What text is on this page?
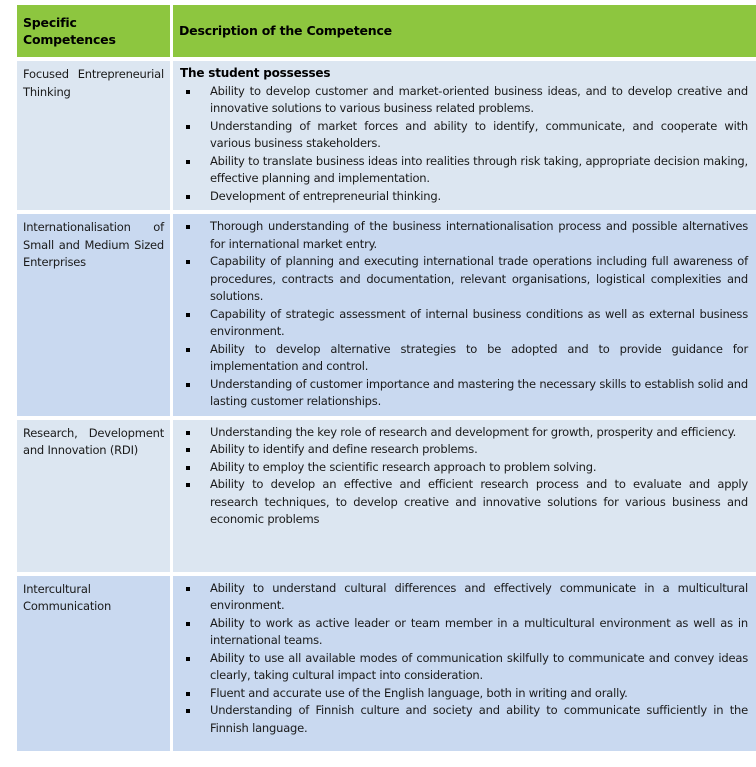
Specific Competences
Description of the Competence
Focused Entrepreneurial Thinking

The student possesses

Ability to develop customer and market-oriented business ideas, and to develop creative and innovative solutions to various business related problems.
Understanding of market forces and ability to identify, communicate, and cooperate with various business stakeholders.
Ability to translate business ideas into realities through risk taking, appropriate decision making, effective planning and implementation.
Development of entrepreneurial thinking.
Internationalisation of Small and Medium Sized Enterprises
Thorough understanding of the business internationalisation process and possible alternatives for international market entry.
Capability of planning and executing international trade operations including full awareness of procedures, contracts and documentation, relevant organisations, logistical complexities and solutions.
Capability of strategic assessment of internal business conditions as well as external business environment.
Ability to develop alternative strategies to be adopted and to provide guidance for implementation and control.
Understanding of customer importance and mastering the necessary skills to establish solid and lasting customer relationships.
Research, Development and Innovation (RDI)
Understanding the key role of research and development for growth, prosperity and efficiency.
Ability to identify and define research problems.
Ability to employ the scientific research approach to problem solving.
Ability to develop an effective and efficient research process and to evaluate and apply research techniques, to develop creative and innovative solutions for various business and economic problems
Intercultural Communication
Ability to understand cultural differences and effectively communicate in a multicultural environment.
Ability to work as active leader or team member in a multicultural environment as well as in international teams.
Ability to use all available modes of communication skilfully to communicate and convey ideas clearly, taking cultural impact into consideration.
Fluent and accurate use of the English language, both in writing and orally.
Understanding of Finnish culture and society and ability to communicate sufficiently in the Finnish language.
